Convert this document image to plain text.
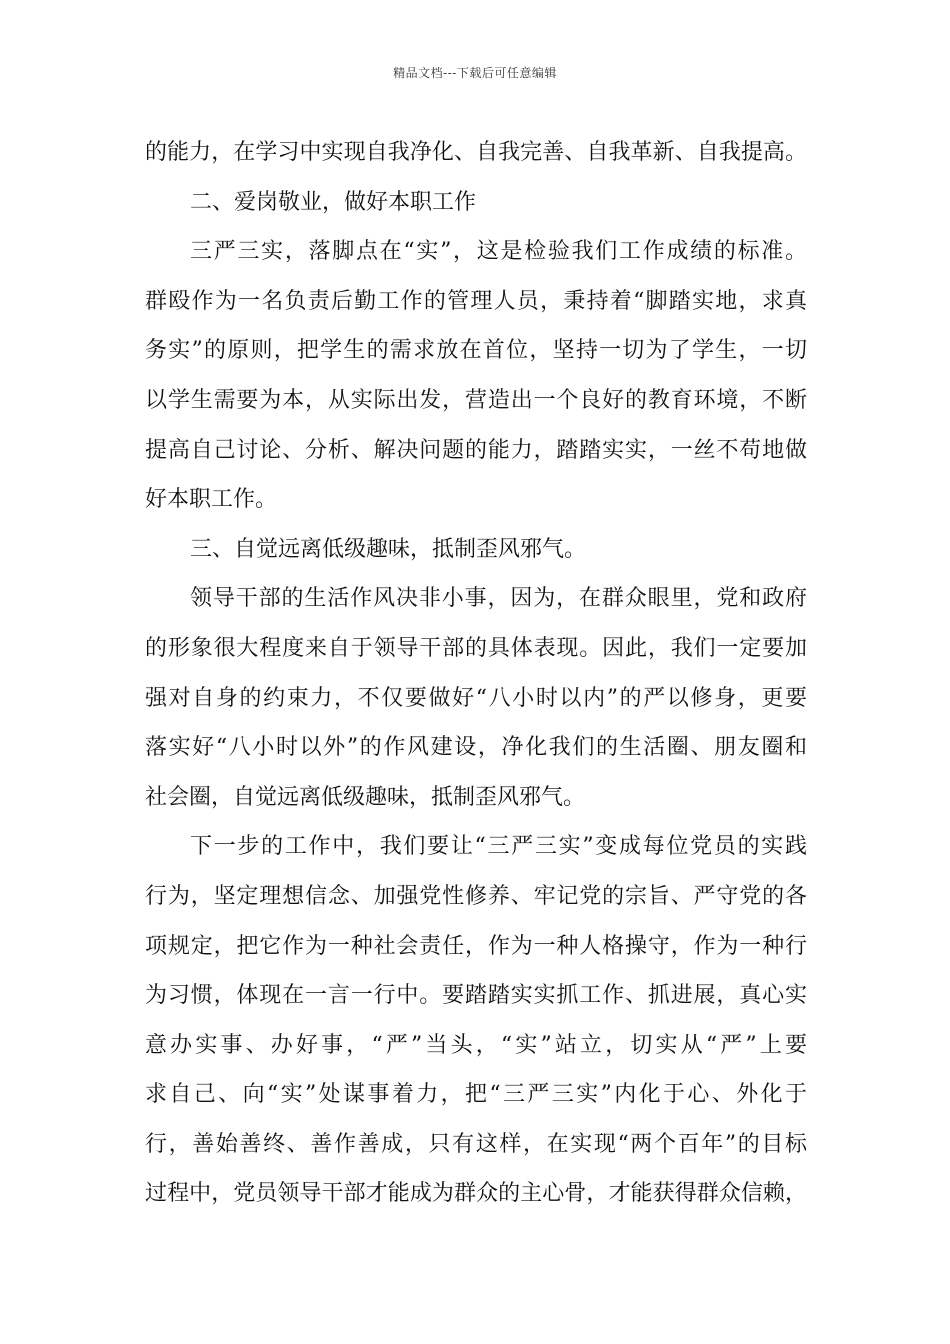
精品文档---下载后可任意编辑
的能力，在学习中实现自我净化、自我完善、自我革新、自我提高。
二、爱岗敬业，做好本职工作
三严三实，落脚点在“实”，这是检验我们工作成绩的标准。
群殴作为一名负责后勤工作的管理人员，秉持着“脚踏实地，求真
务实”的原则，把学生的需求放在首位，坚持一切为了学生，一切
以学生需要为本，从实际出发，营造出一个良好的教育环境，不断
提高自己讨论、分析、解决问题的能力，踏踏实实，一丝不苟地做
好本职工作。
三、自觉远离低级趣味，抵制歪风邪气。
领导干部的生活作风决非小事，因为，在群众眼里，党和政府
的形象很大程度来自于领导干部的具体表现。因此，我们一定要加
强对自身的约束力，不仅要做好“八小时以内”的严以修身，更要
落实好“八小时以外”的作风建设，净化我们的生活圈、朋友圈和
社会圈，自觉远离低级趣味，抵制歪风邪气。
下一步的工作中，我们要让“三严三实”变成每位党员的实践
行为，坚定理想信念、加强党性修养、牢记党的宗旨、严守党的各
项规定，把它作为一种社会责任，作为一种人格操守，作为一种行
为习惯，体现在一言一行中。要踏踏实实抓工作、抓进展，真心实
意办实事、办好事，“严”当头，“实”站立，切实从“严”上要
求自己、向“实”处谋事着力，把“三严三实”内化于心、外化于
行，善始善终、善作善成，只有这样，在实现“两个百年”的目标
过程中，党员领导干部才能成为群众的主心骨，才能获得群众信赖，
